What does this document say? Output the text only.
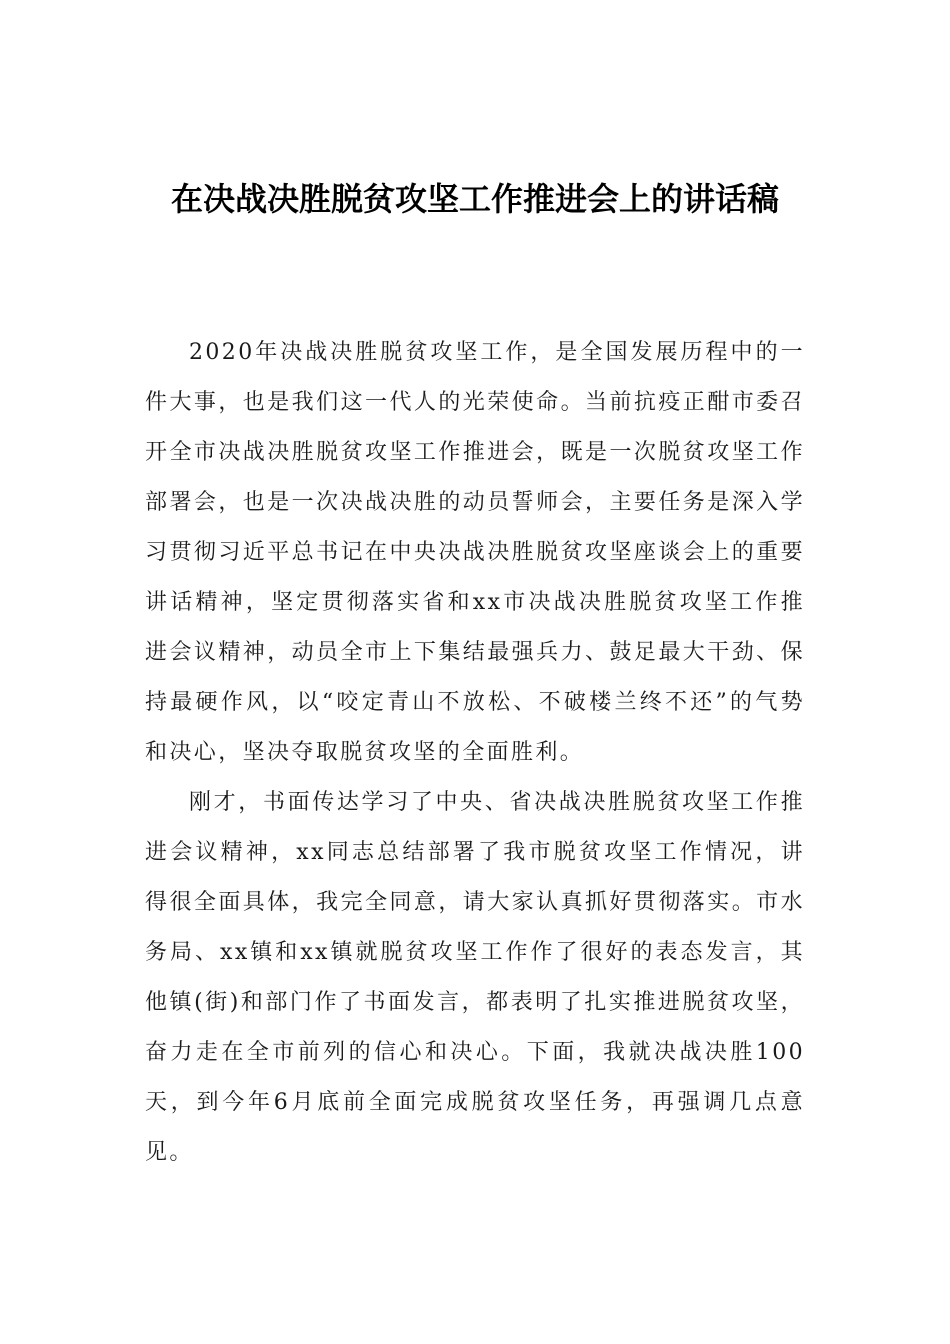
在决战决胜脱贫攻坚工作推进会上的讲话稿

2020年决战决胜脱贫攻坚工作，是全国发展历程中的一件大事，也是我们这一代人的光荣使命。当前抗疫正酣市委召开全市决战决胜脱贫攻坚工作推进会，既是一次脱贫攻坚工作部署会，也是一次决战决胜的动员誓师会，主要任务是深入学习贯彻习近平总书记在中央决战决胜脱贫攻坚座谈会上的重要讲话精神，坚定贯彻落实省和xx市决战决胜脱贫攻坚工作推进会议精神，动员全市上下集结最强兵力、鼓足最大干劲、保持最硬作风，以“咬定青山不放松、不破楼兰终不还”的气势和决心，坚决夺取脱贫攻坚的全面胜利。

刚才，书面传达学习了中央、省决战决胜脱贫攻坚工作推进会议精神，xx同志总结部署了我市脱贫攻坚工作情况，讲得很全面具体，我完全同意，请大家认真抓好贯彻落实。市水务局、xx镇和xx镇就脱贫攻坚工作作了很好的表态发言，其他镇(街)和部门作了书面发言，都表明了扎实推进脱贫攻坚，奋力走在全市前列的信心和决心。下面，我就决战决胜100天，到今年6月底前全面完成脱贫攻坚任务，再强调几点意见。
